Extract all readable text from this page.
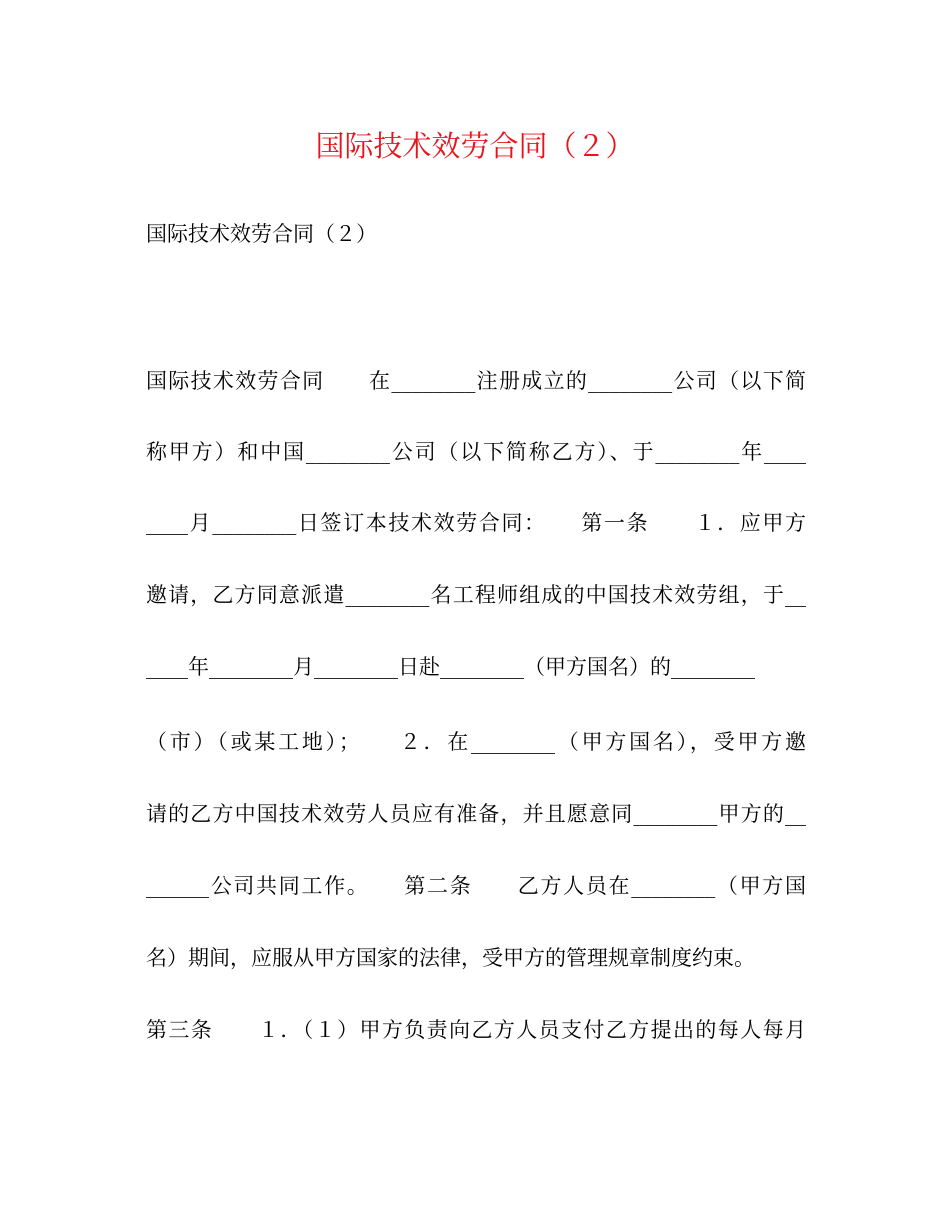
国际技术效劳合同（２）
国际技术效劳合同（２）
国际技术效劳合同　　在________注册成立的________公司（以下简
称甲方）和中国________公司（以下简称乙方）、于________年____
____月________日签订本技术效劳合同：　　第一条　　１．应甲方
邀请，乙方同意派遣________名工程师组成的中国技术效劳组，于__
____年________月________日赴________（甲方国名）的________
（市）（或某工地）；　　２．在________（甲方国名），受甲方邀
请的乙方中国技术效劳人员应有准备，并且愿意同________甲方的__
______公司共同工作。　　第二条　　乙方人员在________（甲方国
名）期间，应服从甲方国家的法律，受甲方的管理规章制度约束。
第三条　　１．（１）甲方负责向乙方人员支付乙方提出的每人每月
